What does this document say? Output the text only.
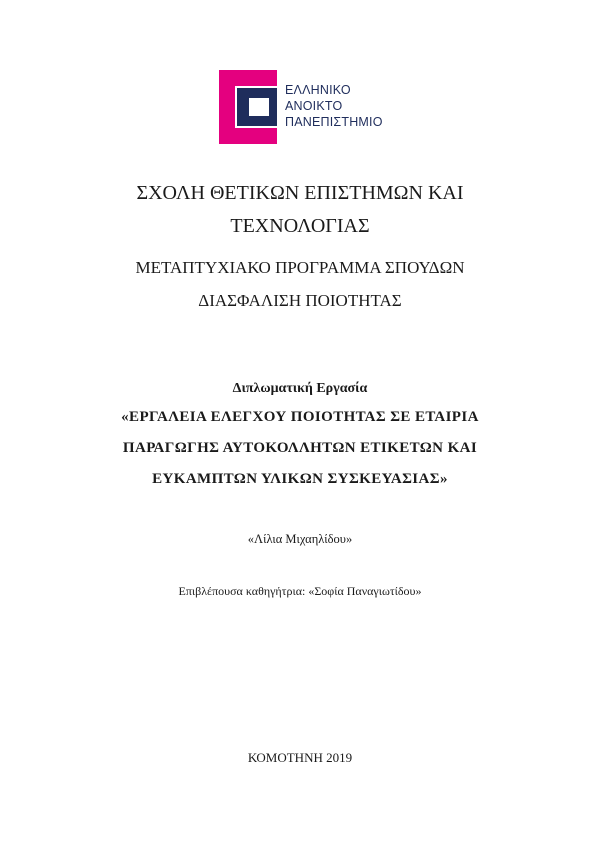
ΕΛΛΗΝΙΚΟ
ΑΝΟΙΚΤΟ
ΠΑΝΕΠΙΣΤΗΜΙΟ
ΣΧΟΛΗ ΘΕΤΙΚΩΝ ΕΠΙΣΤΗΜΩΝ ΚΑΙ
ΤΕΧΝΟΛΟΓΙΑΣ
ΜΕΤΑΠΤΥΧΙΑΚΟ ΠΡΟΓΡΑΜΜΑ ΣΠΟΥΔΩΝ
ΔΙΑΣΦΑΛΙΣΗ ΠΟΙΟΤΗΤΑΣ
Διπλωματική Εργασία
«ΕΡΓΑΛΕΙΑ ΕΛΕΓΧΟΥ ΠΟΙΟΤΗΤΑΣ ΣΕ ΕΤΑΙΡΙΑ
ΠΑΡΑΓΩΓΗΣ ΑΥΤΟΚΟΛΛΗΤΩΝ ΕΤΙΚΕΤΩΝ ΚΑΙ
ΕΥΚΑΜΠΤΩΝ ΥΛΙΚΩΝ ΣΥΣΚΕΥΑΣΙΑΣ»
«Λίλια Μιχαηλίδου»
Επιβλέπουσα καθηγήτρια: «Σοφία Παναγιωτίδου»
ΚΟΜΟΤΗΝΗ 2019
